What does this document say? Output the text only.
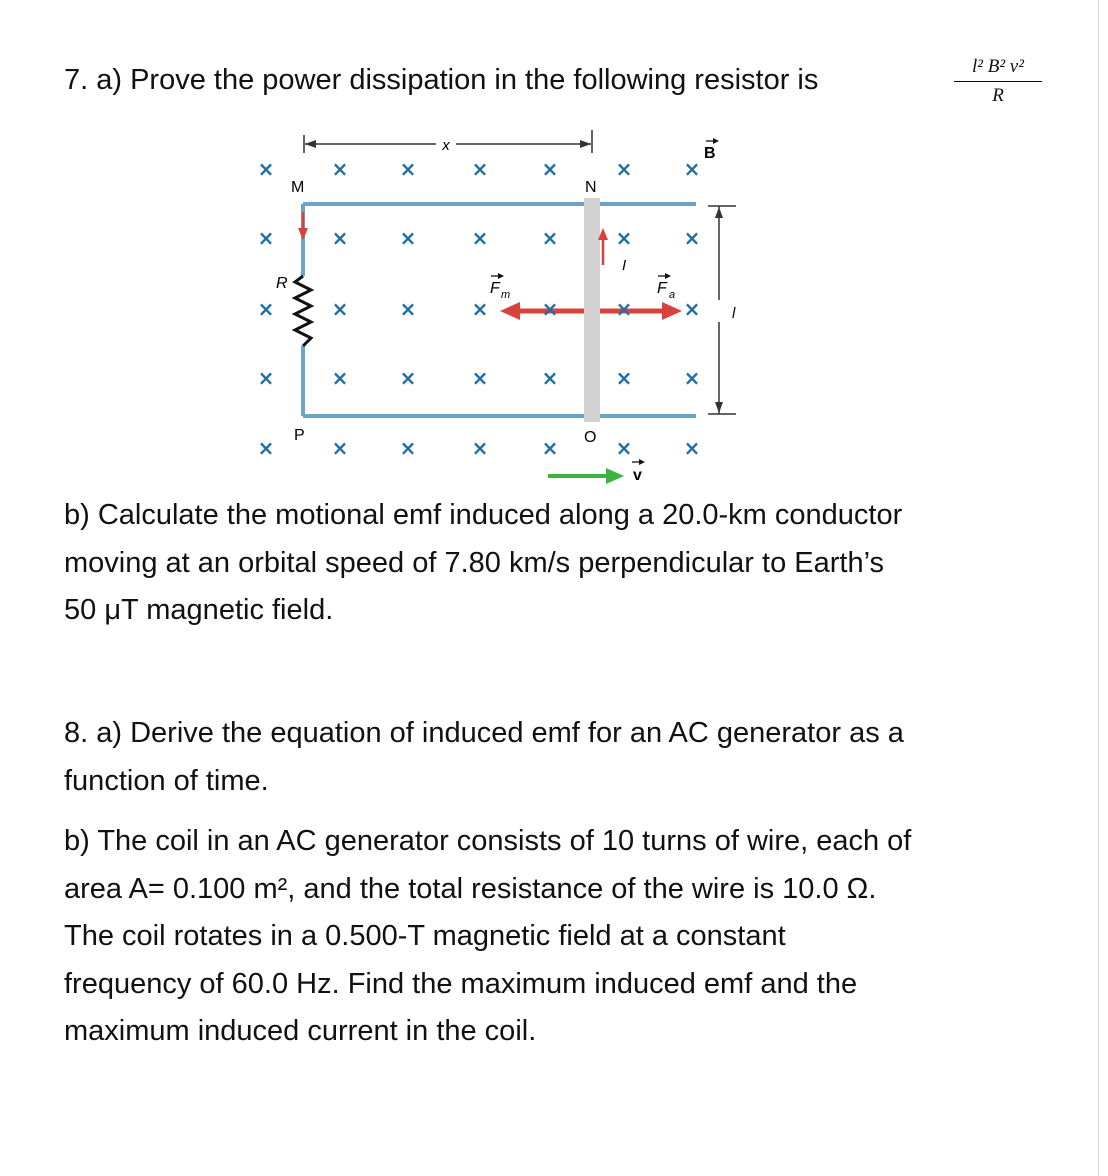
7. a) Prove the power dissipation in the following resistor is	l² B² v²
R
x
l
I
M	N
R
P	O
B
F m	F a
v
×	×	×	×	×	×	×
×	×	×	×	×	×	×
×	×	×	×	×	×	×
×	×	×	×	×	×	×
×	×	×	×	×	×	×
b) Calculate the motional emf induced along a 20.0-km conductor
moving at an orbital speed of 7.80 km/s perpendicular to Earth’s
50 μT magnetic field.
8. a) Derive the equation of induced emf for an AC generator as a
function of time.
b) The coil in an AC generator consists of 10 turns of wire, each of
area A= 0.100 m², and the total resistance of the wire is 10.0 Ω.
The coil rotates in a 0.500-T magnetic field at a constant
frequency of 60.0 Hz. Find the maximum induced emf and the
maximum induced current in the coil.
